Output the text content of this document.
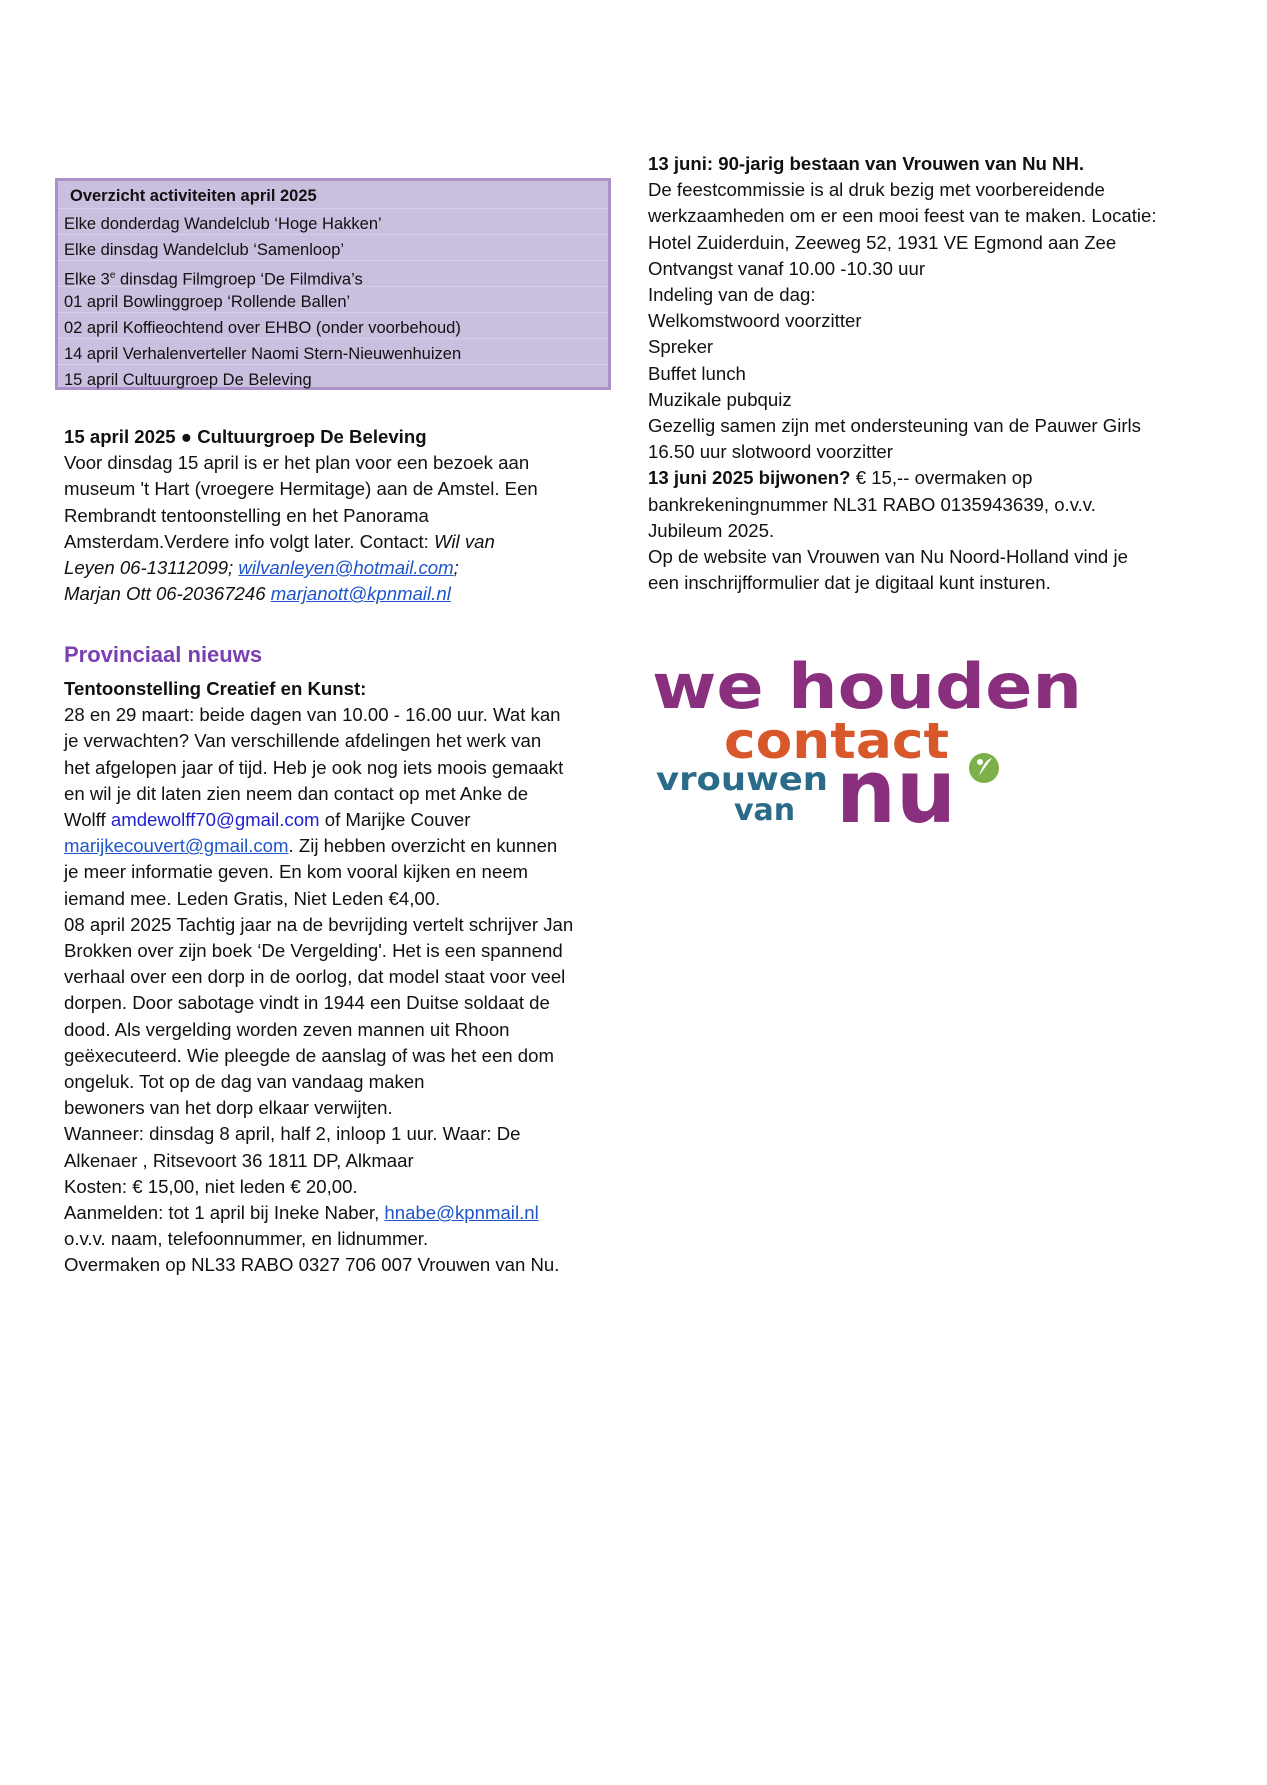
Overzicht activiteiten april 2025
Elke donderdag Wandelclub ‘Hoge Hakken’
Elke dinsdag Wandelclub ‘Samenloop’
Elke 3e dinsdag Filmgroep ‘De Filmdiva’s
01 april Bowlinggroep ‘Rollende Ballen’
02 april Koffieochtend over EHBO (onder voorbehoud)
14 april Verhalenverteller Naomi Stern-Nieuwenhuizen
15 april Cultuurgroep De Beleving

15 april 2025 ● Cultuurgroep De Beleving

Voor dinsdag 15 april is er het plan voor een bezoek aan

museum 't Hart (vroegere Hermitage) aan de Amstel. Een

Rembrandt tentoonstelling en het Panorama

Amsterdam.Verdere info volgt later. Contact: Wil van

Leyen 06-13112099; wilvanleyen@hotmail.com;

Marjan Ott 06-20367246 marjanott@kpnmail.nl

Provinciaal nieuws

Tentoonstelling Creatief en Kunst:

28 en 29 maart: beide dagen van 10.00 - 16.00 uur. Wat kan

je verwachten? Van verschillende afdelingen het werk van

het afgelopen jaar of tijd. Heb je ook nog iets moois gemaakt

en wil je dit laten zien neem dan contact op met Anke de

Wolff amdewolff70@gmail.com of Marijke Couver

marijkecouvert@gmail.com. Zij hebben overzicht en kunnen

je meer informatie geven. En kom vooral kijken en neem

iemand mee. Leden Gratis, Niet Leden €4,00.

08 april 2025 Tachtig jaar na de bevrijding vertelt schrijver Jan

Brokken over zijn boek ‘De Vergelding'. Het is een spannend

verhaal over een dorp in de oorlog, dat model staat voor veel

dorpen. Door sabotage vindt in 1944 een Duitse soldaat de

dood. Als vergelding worden zeven mannen uit Rhoon

geëxecuteerd. Wie pleegde de aanslag of was het een dom

ongeluk. Tot op de dag van vandaag maken

bewoners van het dorp elkaar verwijten.

Wanneer: dinsdag 8 april, half 2, inloop 1 uur. Waar: De

Alkenaer , Ritsevoort 36 1811 DP, Alkmaar

Kosten: € 15,00, niet leden € 20,00.

Aanmelden: tot 1 april bij Ineke Naber, hnabe@kpnmail.nl

o.v.v. naam, telefoonnummer, en lidnummer.

Overmaken op NL33 RABO 0327 706 007 Vrouwen van Nu.

13 juni: 90-jarig bestaan van Vrouwen van Nu NH.

De feestcommissie is al druk bezig met voorbereidende

werkzaamheden om er een mooi feest van te maken. Locatie:

Hotel Zuiderduin, Zeeweg 52, 1931 VE Egmond aan Zee

Ontvangst vanaf 10.00 -10.30 uur

Indeling van de dag:

Welkomstwoord voorzitter

Spreker

Buffet lunch

Muzikale pubquiz

Gezellig samen zijn met ondersteuning van de Pauwer Girls

16.50 uur slotwoord voorzitter

13 juni 2025 bijwonen? € 15,-- overmaken op

bankrekeningnummer NL31 RABO 0135943639, o.v.v.

Jubileum 2025.

Op de website van Vrouwen van Nu Noord-Holland vind je

een inschrijfformulier dat je digitaal kunt insturen.

we houden
contact
vrouwen
van nu
